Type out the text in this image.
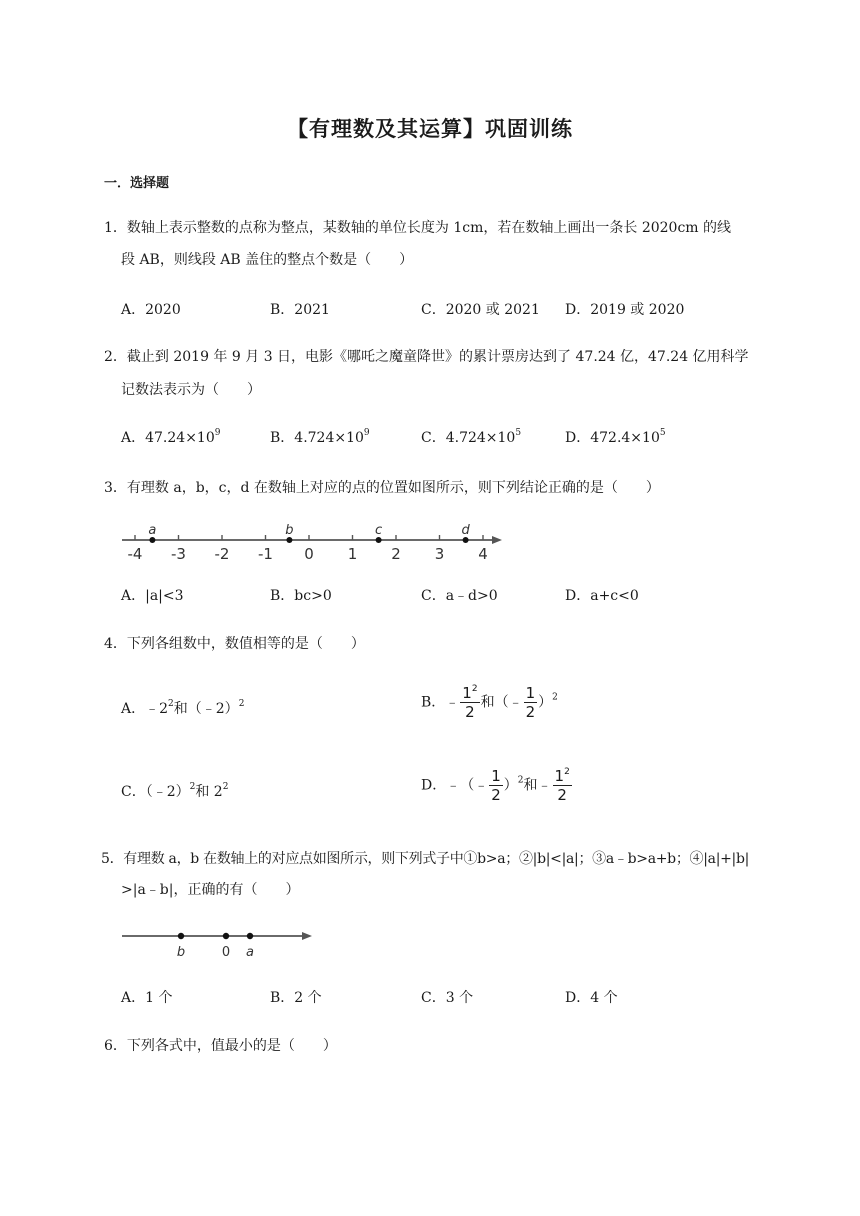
【有理数及其运算】巩固训练
一．选择题
1．数轴上表示整数的点称为整点，某数轴的单位长度为 1cm，若在数轴上画出一条长 2020cm 的线
段 AB，则线段 AB 盖住的整点个数是（　　）
A．2020	B．2021	C．2020 或 2021 D．2019 或 2020
2．截止到 2019 年 9 月 3 日，电影《哪吒之魔童降世》的累计票房达到了 47.24 亿，47.24 亿用科学
记数法表示为（　　）
A．$47.24\times 10^9$	B．$4.724\times 10^9$	C．$4.724\times 10^5$	D．$472.4\times 10^5$
3．有理数 a，b，c，d 在数轴上对应的点的位置如图所示，则下列结论正确的是（　　）
-4 -3 -2 -1 0 1 2 3 4
a	b	c	d
A．|a|<3	B．bc>0	C．a﹣d>0	D．a+c<0
4．下列各组数中，数值相等的是（　　）
A．$﹣2^2$和（﹣2）$^2$	B．﹣ $\frac{1^2}{2}$ 和（﹣ $\frac{1}{2} )^2$
C．（﹣2）$^2$和 $2^2$	D．﹣（﹣ $\frac{1}{2} )^2$和﹣ $\frac{1^2}{2}$
5．有理数 a，b 在数轴上的对应点如图所示，则下列式子中①b>a；②|b|<|a|；③a﹣b>a+b；④|a|+|b|
>|a﹣b|，正确的有（　　）
b	0 a
A．1 个	B．2 个	C．3 个	D．4 个
6．下列各式中，值最小的是（　　）
